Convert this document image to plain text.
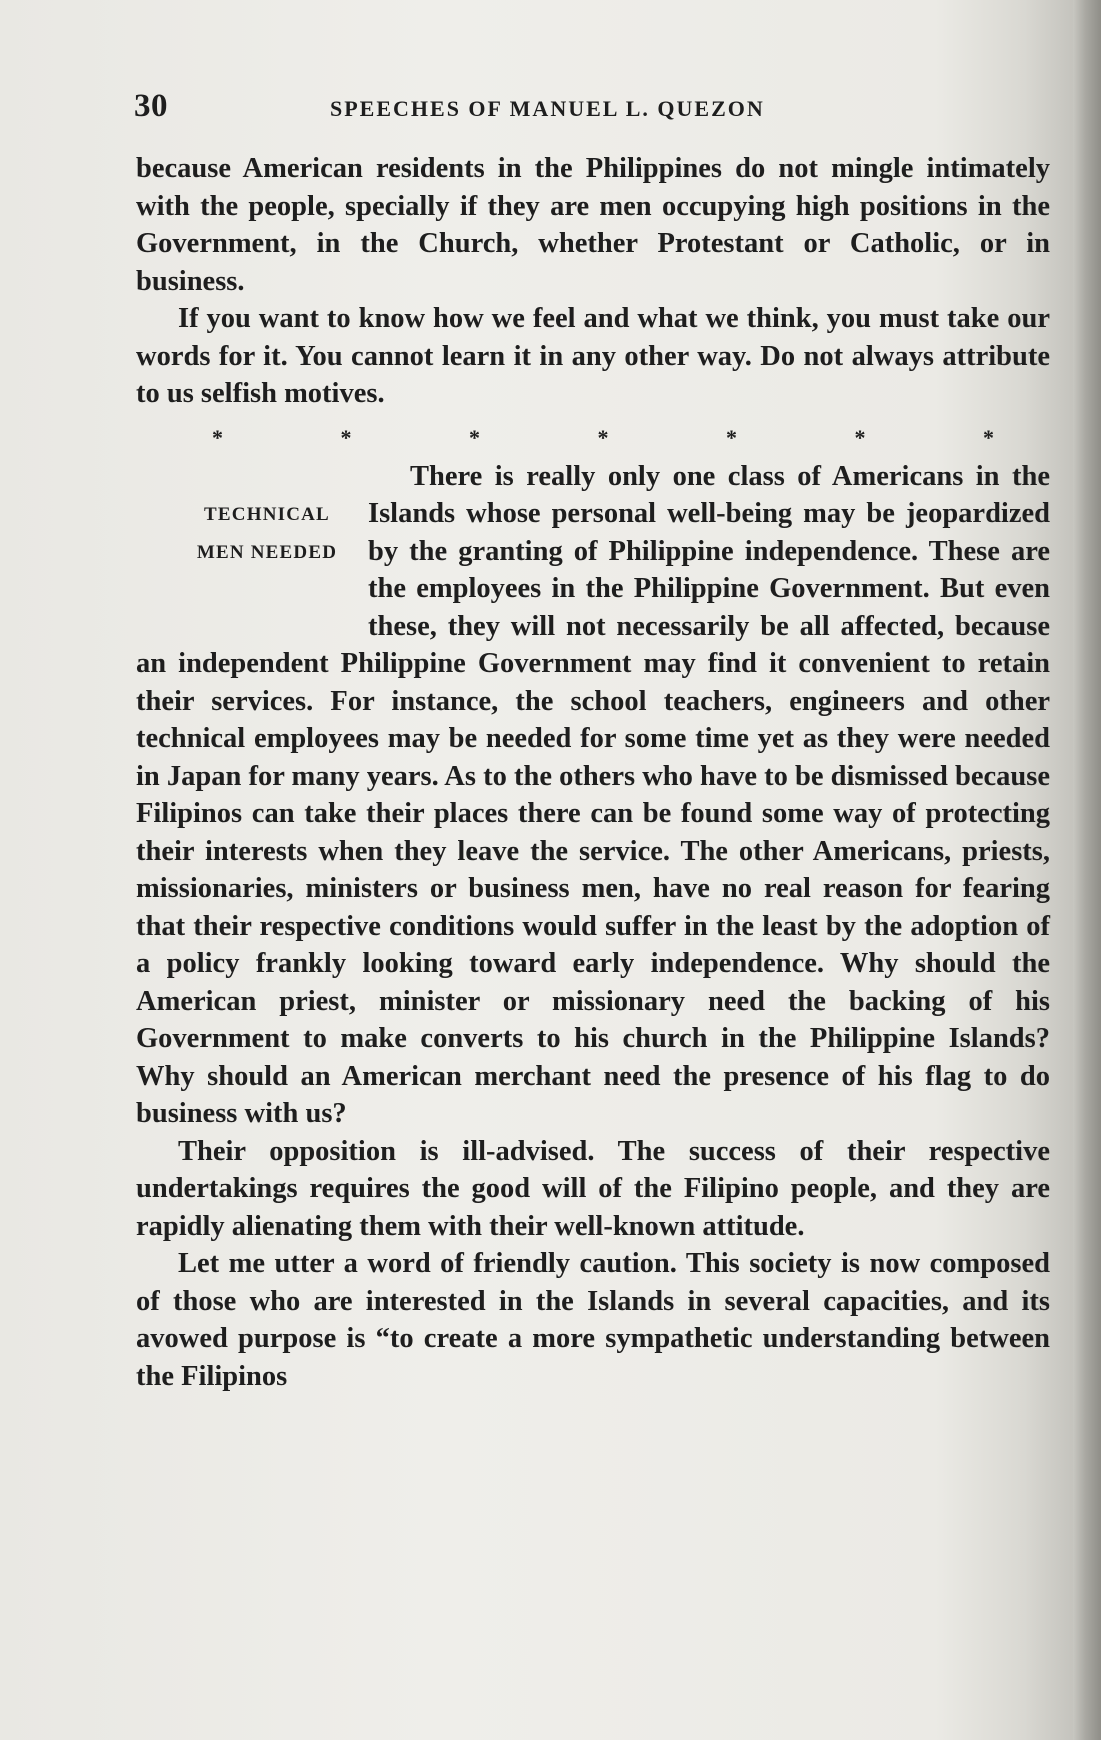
30	SPEECHES OF MANUEL L. QUEZON

because American residents in the Philippines do not mingle intimately with the people, specially if they are men occupying high positions in the Government, in the Church, whether Protestant or Catholic, or in business.

If you want to know how we feel and what we think, you must take our words for it. You cannot learn it in any other way. Do not always attribute to us selfish motives.

*	*	*	*	*	*	*

TECHNICAL
MEN NEEDED
There is really only one class of Americans in the Islands whose personal well-being may be jeopardized by the granting of Philippine independence. These are the employees in the Philippine Government. But even these, they will not necessarily be all affected, because an independent Philippine Government may find it convenient to retain their services. For instance, the school teachers, engineers and other technical employees may be needed for some time yet as they were needed in Japan for many years. As to the others who have to be dismissed because Filipinos can take their places there can be found some way of protecting their interests when they leave the service. The other Americans, priests, missionaries, ministers or business men, have no real reason for fearing that their respective conditions would suffer in the least by the adoption of a policy frankly looking toward early independence. Why should the American priest, minister or missionary need the backing of his Government to make converts to his church in the Philippine Islands? Why should an American merchant need the presence of his flag to do business with us?

Their opposition is ill-advised. The success of their respective undertakings requires the good will of the Filipino people, and they are rapidly alienating them with their well-known attitude.

Let me utter a word of friendly caution. This society is now composed of those who are interested in the Islands in several capacities, and its avowed purpose is “to create a more sympathetic understanding between the Filipinos
